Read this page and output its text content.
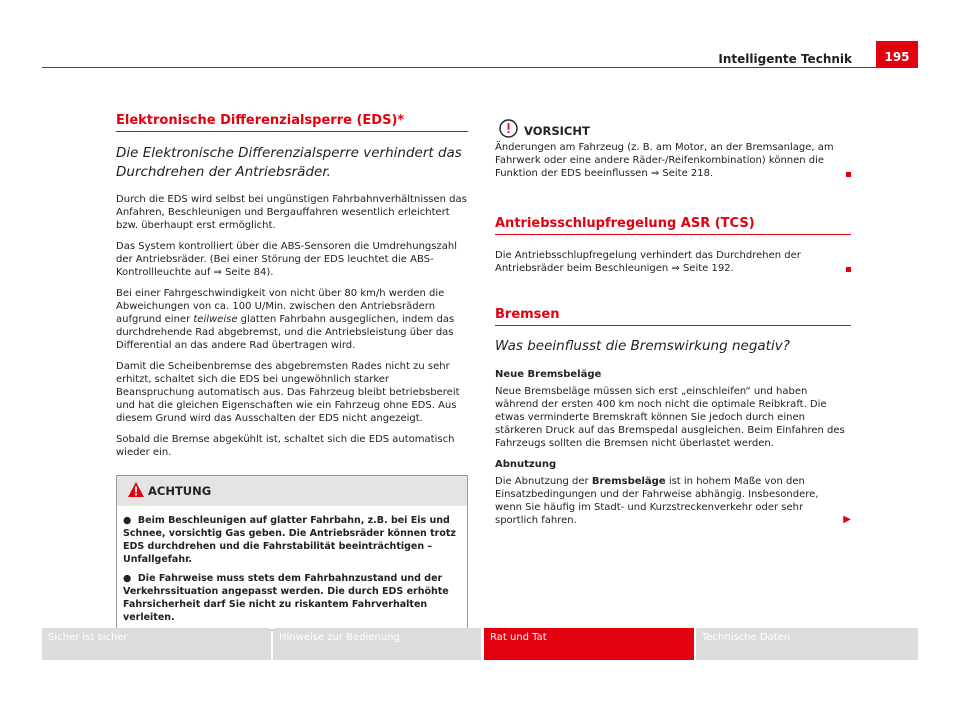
Intelligente Technik	195
Elektronische Differenzialsperre (EDS)*
Die Elektronische Differenzialsperre verhindert das Durchdrehen der Antriebsräder.

Durch die EDS wird selbst bei ungünstigen Fahrbahnverhältnissen das Anfahren, Beschleunigen und Bergauffahren wesentlich erleichtert bzw. überhaupt erst ermöglicht.

Das System kontrolliert über die ABS-Sensoren die Umdrehungszahl der Antriebsräder. (Bei einer Störung der EDS leuchtet die ABS-Kontrollleuchte auf ⇒ Seite 84).

Bei einer Fahrgeschwindigkeit von nicht über 80 km/h werden die Abweichungen von ca. 100 U/Min. zwischen den Antriebsrädern aufgrund einer teilweise glatten Fahrbahn ausgeglichen, indem das durchdrehende Rad abgebremst, und die Antriebsleistung über das Differential an das andere Rad übertragen wird.

Damit die Scheibenbremse des abgebremsten Rades nicht zu sehr erhitzt, schaltet sich die EDS bei ungewöhnlich starker Beanspruchung automatisch aus. Das Fahrzeug bleibt betriebsbereit und hat die gleichen Eigenschaften wie ein Fahrzeug ohne EDS. Aus diesem Grund wird das Ausschalten der EDS nicht angezeigt.

Sobald die Bremse abgekühlt ist, schaltet sich die EDS automatisch wieder ein.

ACHTUNG

● Beim Beschleunigen auf glatter Fahrbahn, z.B. bei Eis und Schnee, vorsichtig Gas geben. Die Antriebsräder können trotz EDS durchdrehen und die Fahrstabilität beeinträchtigen – Unfallgefahr.

● Die Fahrweise muss stets dem Fahrbahnzustand und der Verkehrssituation angepasst werden. Die durch EDS erhöhte Fahrsicherheit darf Sie nicht zu riskantem Fahrverhalten verleiten.

VORSICHT

Änderungen am Fahrzeug (z. B. am Motor, an der Bremsanlage, am Fahrwerk oder eine andere Räder-/Reifenkombination) können die Funktion der EDS beeinflussen ⇒ Seite 218.

Antriebsschlupfregelung ASR (TCS)

Die Antriebsschlupfregelung verhindert das Durchdrehen der Antriebsräder beim Beschleunigen ⇒ Seite 192.

Bremsen
Was beeinflusst die Bremswirkung negativ?

Neue Bremsbeläge

Neue Bremsbeläge müssen sich erst „einschleifen“ und haben während der ersten 400 km noch nicht die optimale Reibkraft. Die etwas verminderte Bremskraft können Sie jedoch durch einen stärkeren Druck auf das Bremspedal ausgleichen. Beim Einfahren des Fahrzeugs sollten die Bremsen nicht überlastet werden.

Abnutzung

Die Abnutzung der Bremsbeläge ist in hohem Maße von den Einsatzbedingungen und der Fahrweise abhängig. Insbesondere, wenn Sie häufig im Stadt- und Kurzstreckenverkehr oder sehr sportlich fahren.	▶

Sicher ist sicher	Hinweise zur Bedienung	Rat und Tat	Technische Daten
